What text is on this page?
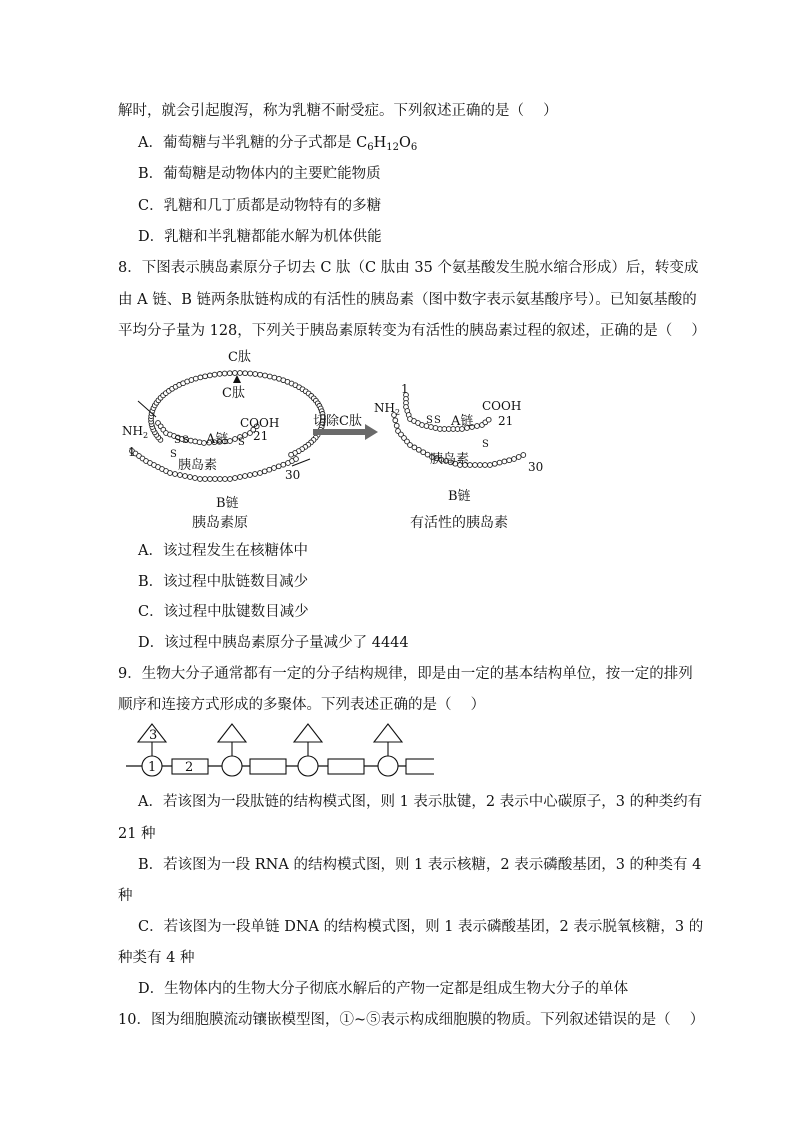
解时，就会引起腹泻，称为乳糖不耐受症。下列叙述正确的是（　 ）
A．葡萄糖与半乳糖的分子式都是 $C_6H_{12}O_6$
B．葡萄糖是动物体内的主要贮能物质
C．乳糖和几丁质都是动物特有的多糖
D．乳糖和半乳糖都能水解为机体供能
8．下图表示胰岛素原分子切去 C 肽（C 肽由 35 个氨基酸发生脱水缩合形成）后，转变成
由 A 链、B 链两条肽链构成的有活性的胰岛素（图中数字表示氨基酸序号）。已知氨基酸的
平均分子量为 128，下列关于胰岛素原转变为有活性的胰岛素过程的叙述，正确的是（　 ）
C肽
C肽
$NH_2$
COOH
A链 21
1
胰岛素
30
B链
S S
S
S
切除C肽
1
$NH_2$	COOH
A链 21
胰岛素	30
B链
S S
S
胰岛素原	有活性的胰岛素
A．该过程发生在核糖体中
B．该过程中肽链数目减少
C．该过程中肽键数目减少
D．该过程中胰岛素原分子量减少了 4444
9．生物大分子通常都有一定的分子结构规律，即是由一定的基本结构单位，按一定的排列
顺序和连接方式形成的多聚体。下列表述正确的是（　 ）
3
1 2
A．若该图为一段肽链的结构模式图，则 1 表示肽键，2 表示中心碳原子，3 的种类约有
21 种
B．若该图为一段 RNA 的结构模式图，则 1 表示核糖，2 表示磷酸基团，3 的种类有 4
种
C．若该图为一段单链 DNA 的结构模式图，则 1 表示磷酸基团，2 表示脱氧核糖，3 的
种类有 4 种
D．生物体内的生物大分子彻底水解后的产物一定都是组成生物大分子的单体
10．图为细胞膜流动镶嵌模型图，①~⑤表示构成细胞膜的物质。下列叙述错误的是（　 ）
